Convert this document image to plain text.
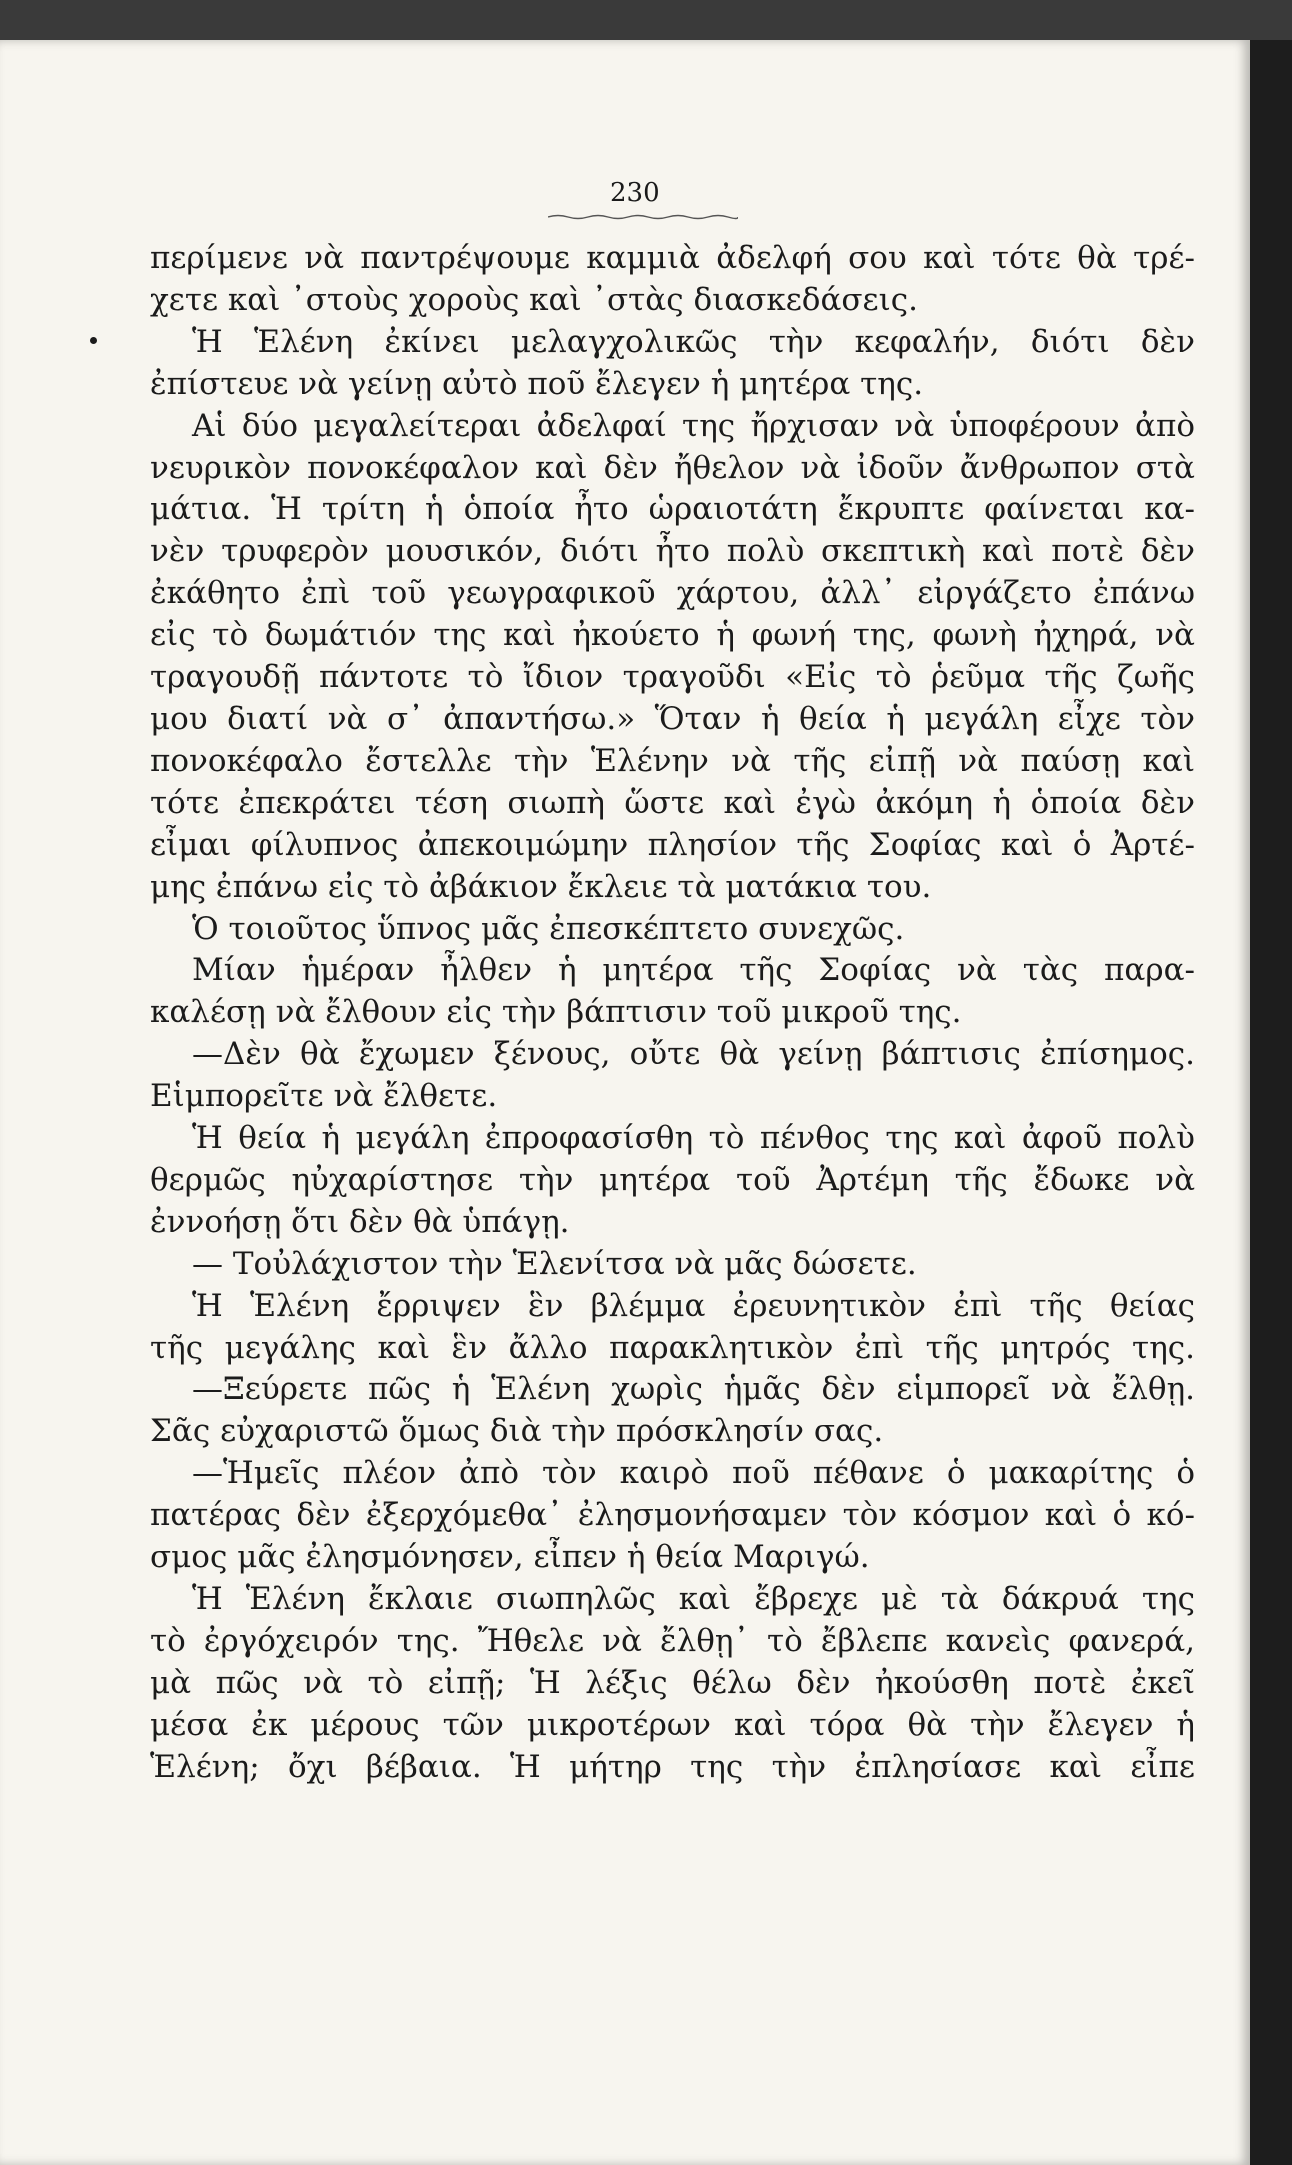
230
περίμενε νὰ παντρέψουμε καμμιὰ ἀδελφή σου καὶ τότε θὰ τρέ-
χετε καὶ ᾽στοὺς χοροὺς καὶ ᾽στὰς διασκεδάσεις.
Ἡ Ἑλένη ἐκίνει μελαγχολικῶς τὴν κεφαλήν, διότι δὲν
ἐπίστευε νὰ γείνῃ αὐτὸ ποῦ ἔλεγεν ἡ μητέρα της.
Αἱ δύο μεγαλείτεραι ἀδελφαί της ἤρχισαν νὰ ὑποφέρουν ἀπὸ
νευρικὸν πονοκέφαλον καὶ δὲν ἤθελον νὰ ἰδοῦν ἄνθρωπον στὰ
μάτια. Ἡ τρίτη ἡ ὁποία ἦτο ὡραιοτάτη ἔκρυπτε φαίνεται κα-
νὲν τρυφερὸν μουσικόν, διότι ἦτο πολὺ σκεπτικὴ καὶ ποτὲ δὲν
ἐκάθητο ἐπὶ τοῦ γεωγραφικοῦ χάρτου, ἀλλ᾽ εἰργάζετο ἐπάνω
εἰς τὸ δωμάτιόν της καὶ ἠκούετο ἡ φωνή της, φωνὴ ἠχηρά, νὰ
τραγουδῇ πάντοτε τὸ ἴδιον τραγοῦδι «Εἰς τὸ ῥεῦμα τῆς ζωῆς
μου διατί νὰ σ᾽ ἀπαντήσω.» Ὅταν ἡ θεία ἡ μεγάλη εἶχε τὸν
πονοκέφαλο ἔστελλε τὴν Ἑλένην νὰ τῆς εἰπῇ νὰ παύσῃ καὶ
τότε ἐπεκράτει τέση σιωπὴ ὥστε καὶ ἐγὼ ἀκόμη ἡ ὁποία δὲν
εἶμαι φίλυπνος ἀπεκοιμώμην πλησίον τῆς Σοφίας καὶ ὁ Ἀρτέ-
μης ἐπάνω εἰς τὸ ἀβάκιον ἔκλειε τὰ ματάκια του.
Ὁ τοιοῦτος ὕπνος μᾶς ἐπεσκέπτετο συνεχῶς.
Μίαν ἡμέραν ἦλθεν ἡ μητέρα τῆς Σοφίας νὰ τὰς παρα-
καλέσῃ νὰ ἔλθουν εἰς τὴν βάπτισιν τοῦ μικροῦ της.
—Δὲν θὰ ἔχωμεν ξένους, οὔτε θὰ γείνῃ βάπτισις ἐπίσημος.
Εἱμπορεῖτε νὰ ἔλθετε.
Ἡ θεία ἡ μεγάλη ἐπροφασίσθη τὸ πένθος της καὶ ἀφοῦ πολὺ
θερμῶς ηὐχαρίστησε τὴν μητέρα τοῦ Ἀρτέμη τῆς ἔδωκε νὰ
ἐννοήσῃ ὅτι δὲν θὰ ὑπάγῃ.
— Τοὐλάχιστον τὴν Ἑλενίτσα νὰ μᾶς δώσετε.
Ἡ Ἑλένη ἔρριψεν ἓν βλέμμα ἐρευνητικὸν ἐπὶ τῆς θείας
τῆς μεγάλης καὶ ἓν ἄλλο παρακλητικὸν ἐπὶ τῆς μητρός της.
—Ξεύρετε πῶς ἡ Ἑλένη χωρὶς ἡμᾶς δὲν εἱμπορεῖ νὰ ἔλθῃ.
Σᾶς εὐχαριστῶ ὅμως διὰ τὴν πρόσκλησίν σας.
—Ἡμεῖς πλέον ἀπὸ τὸν καιρὸ ποῦ πέθανε ὁ μακαρίτης ὁ
πατέρας δὲν ἐξερχόμεθα᾽ ἐλησμονήσαμεν τὸν κόσμον καὶ ὁ κό-
σμος μᾶς ἐλησμόνησεν, εἶπεν ἡ θεία Μαριγώ.
Ἡ Ἑλένη ἔκλαιε σιωπηλῶς καὶ ἔβρεχε μὲ τὰ δάκρυά της
τὸ ἐργόχειρόν της. Ἤθελε νὰ ἔλθῃ᾽ τὸ ἔβλεπε κανεὶς φανερά,
μὰ πῶς νὰ τὸ εἰπῇ; Ἡ λέξις θέλω δὲν ἠκούσθη ποτὲ ἐκεῖ
μέσα ἐκ μέρους τῶν μικροτέρων καὶ τόρα θὰ τὴν ἔλεγεν ἡ
Ἑλένη; ὄχι βέβαια. Ἡ μήτηρ της τὴν ἐπλησίασε καὶ εἶπε
